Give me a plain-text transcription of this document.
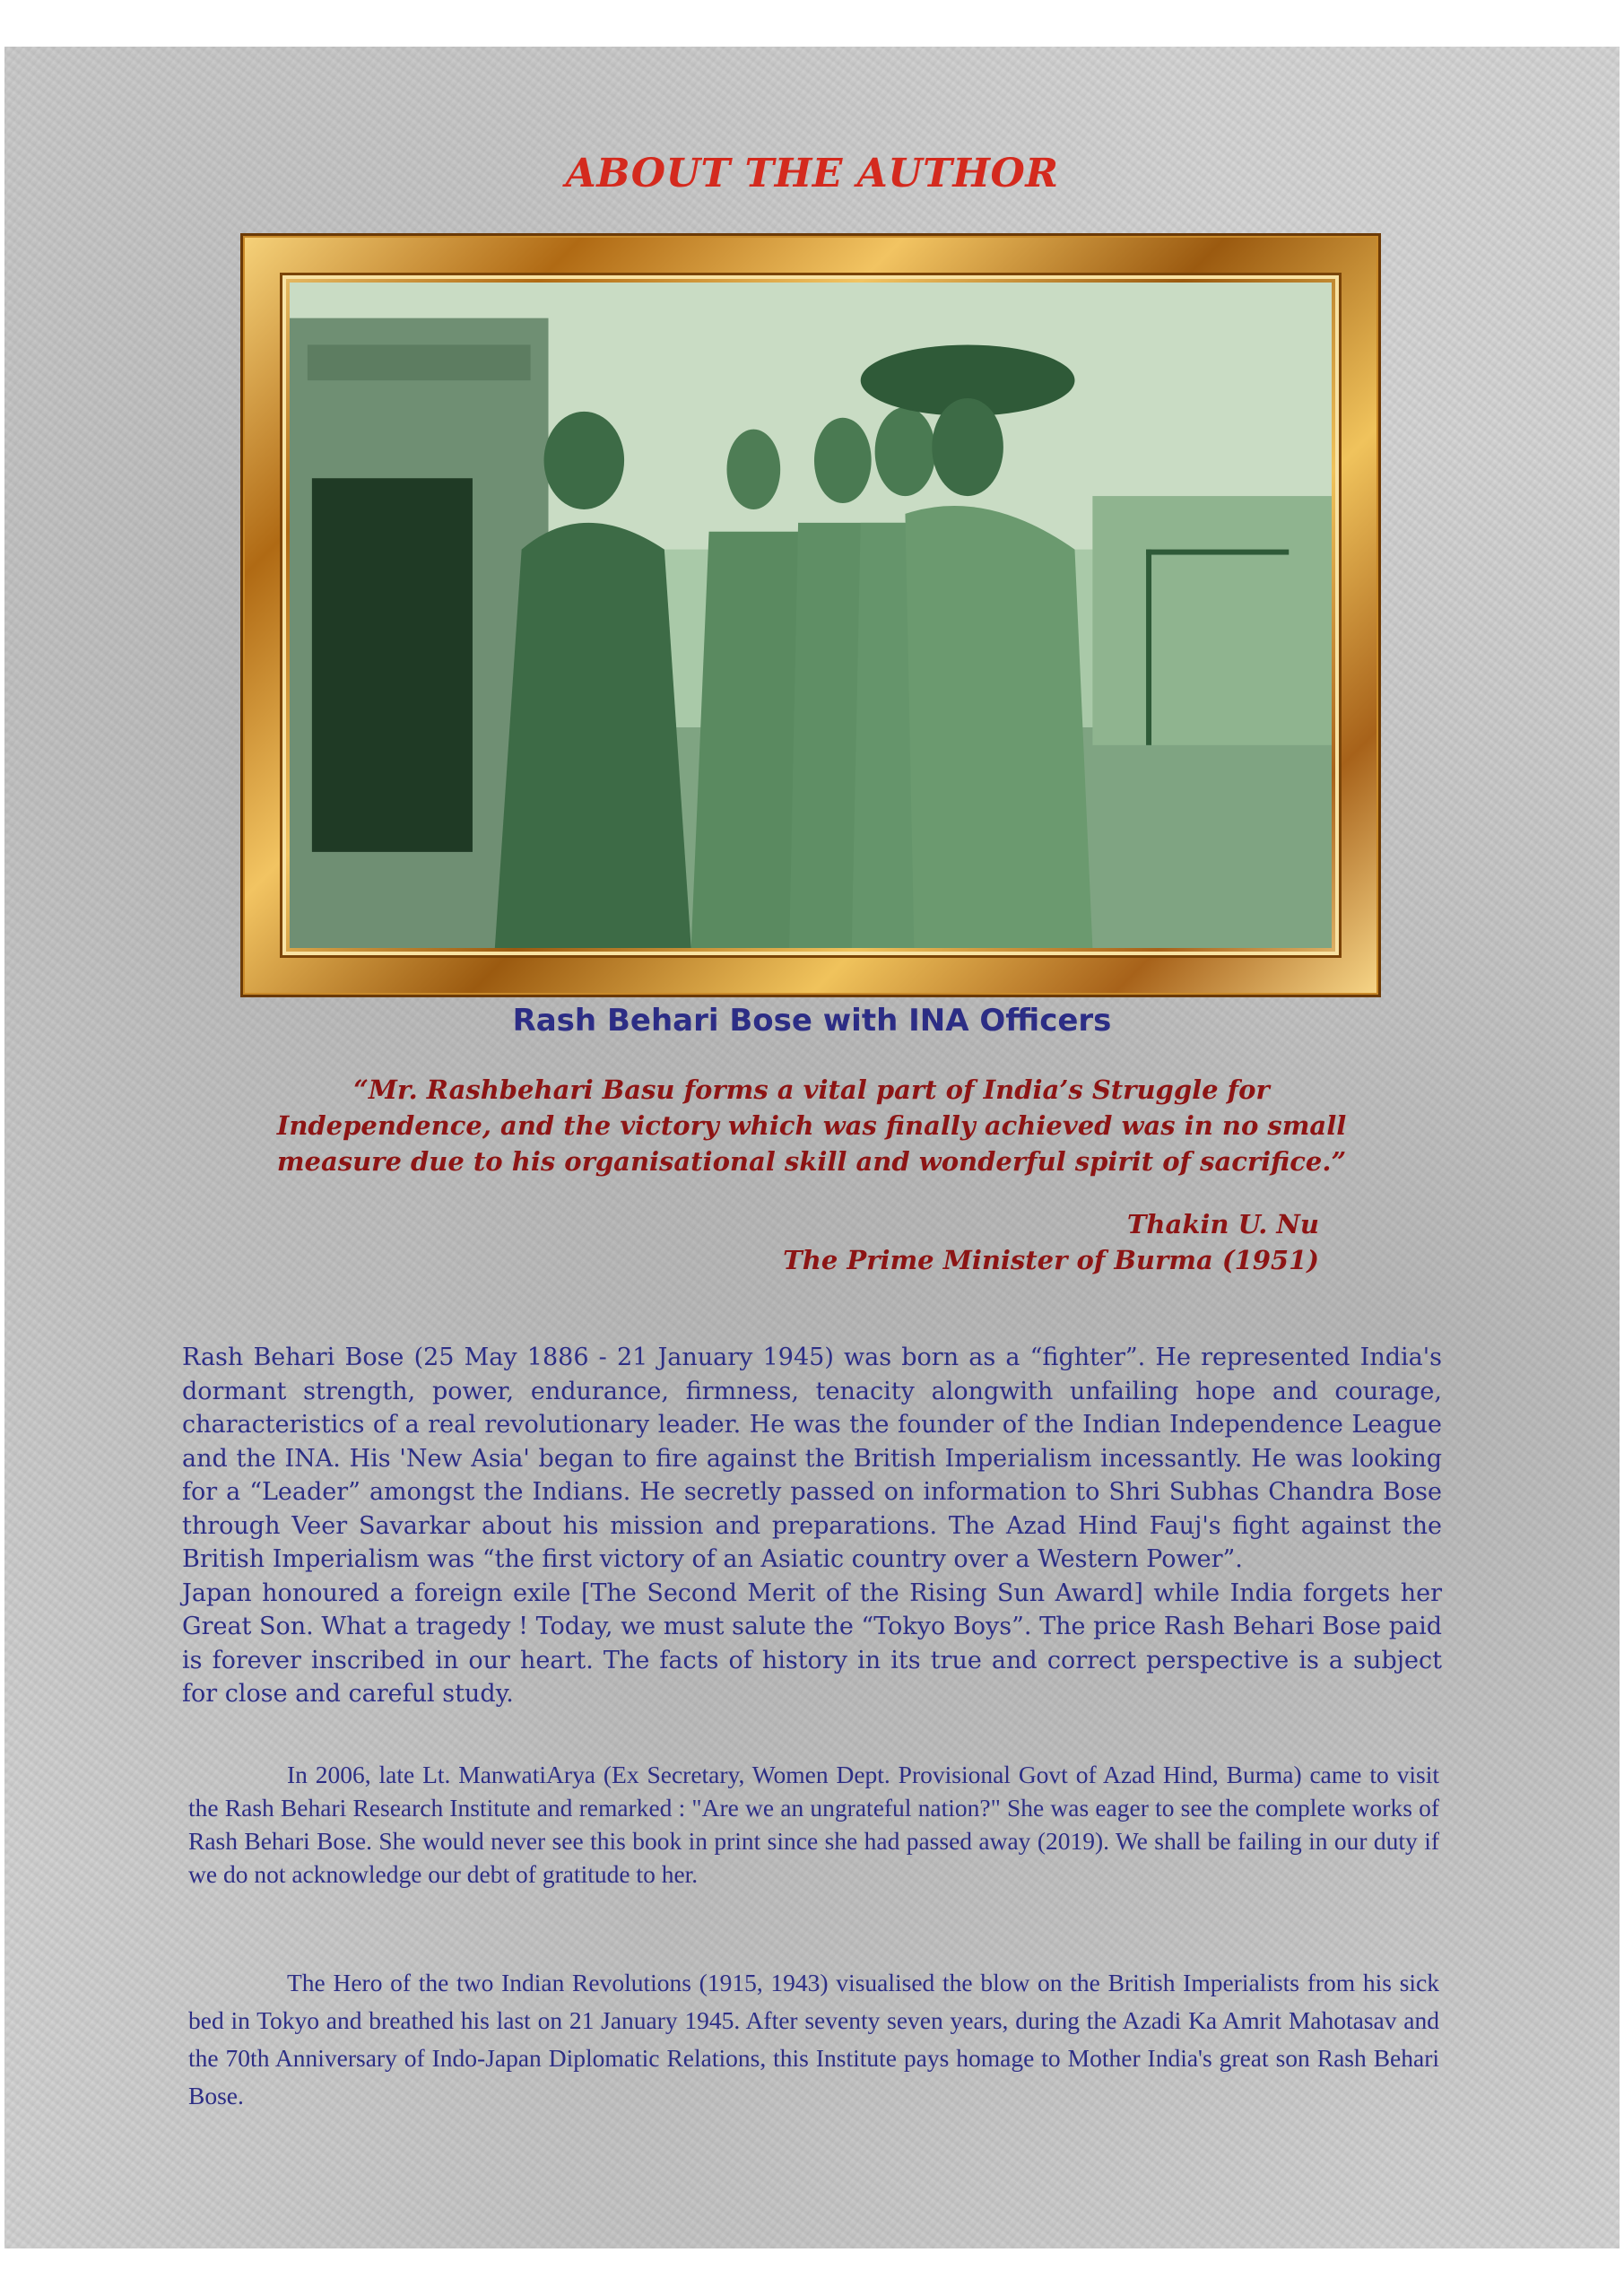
ABOUT THE AUTHOR
Rash Behari Bose with INA Officers
“Mr. Rashbehari Basu forms a vital part of India’s Struggle for Independence, and the victory which was finally achieved was in no small measure due to his organisational skill and wonderful spirit of sacrifice.”
Thakin U. Nu
The Prime Minister of Burma (1951)

Rash Behari Bose (25 May 1886 - 21 January 1945) was born as a “fighter”. He represented India's dormant strength, power, endurance, firmness, tenacity alongwith unfailing hope and courage, characteristics of a real revolutionary leader. He was the founder of the Indian Independence League and the INA. His 'New Asia' began to fire against the British Imperialism incessantly. He was looking for a “Leader” amongst the Indians. He secretly passed on information to Shri Subhas Chandra Bose through Veer Savarkar about his mission and preparations. The Azad Hind Fauj's fight against the British Imperialism was “the first victory of an Asiatic country over a Western Power”.

Japan honoured a foreign exile [The Second Merit of the Rising Sun Award] while India forgets her Great Son. What a tragedy ! Today, we must salute the “Tokyo Boys”. The price Rash Behari Bose paid is forever inscribed in our heart. The facts of history in its true and correct perspective is a subject for close and careful study.

In 2006, late Lt. ManwatiArya (Ex Secretary, Women Dept. Provisional Govt of Azad Hind, Burma) came to visit the Rash Behari Research Institute and remarked : "Are we an ungrateful nation?" She was eager to see the complete works of Rash Behari Bose. She would never see this book in print since she had passed away (2019). We shall be failing in our duty if we do not acknowledge our debt of gratitude to her.

The Hero of the two Indian Revolutions (1915, 1943) visualised the blow on the British Imperialists from his sick bed in Tokyo and breathed his last on 21 January 1945. After seventy seven years, during the Azadi Ka Amrit Mahotasav and the 70th Anniversary of Indo-Japan Diplomatic Relations, this Institute pays homage to Mother India's great son Rash Behari Bose.
